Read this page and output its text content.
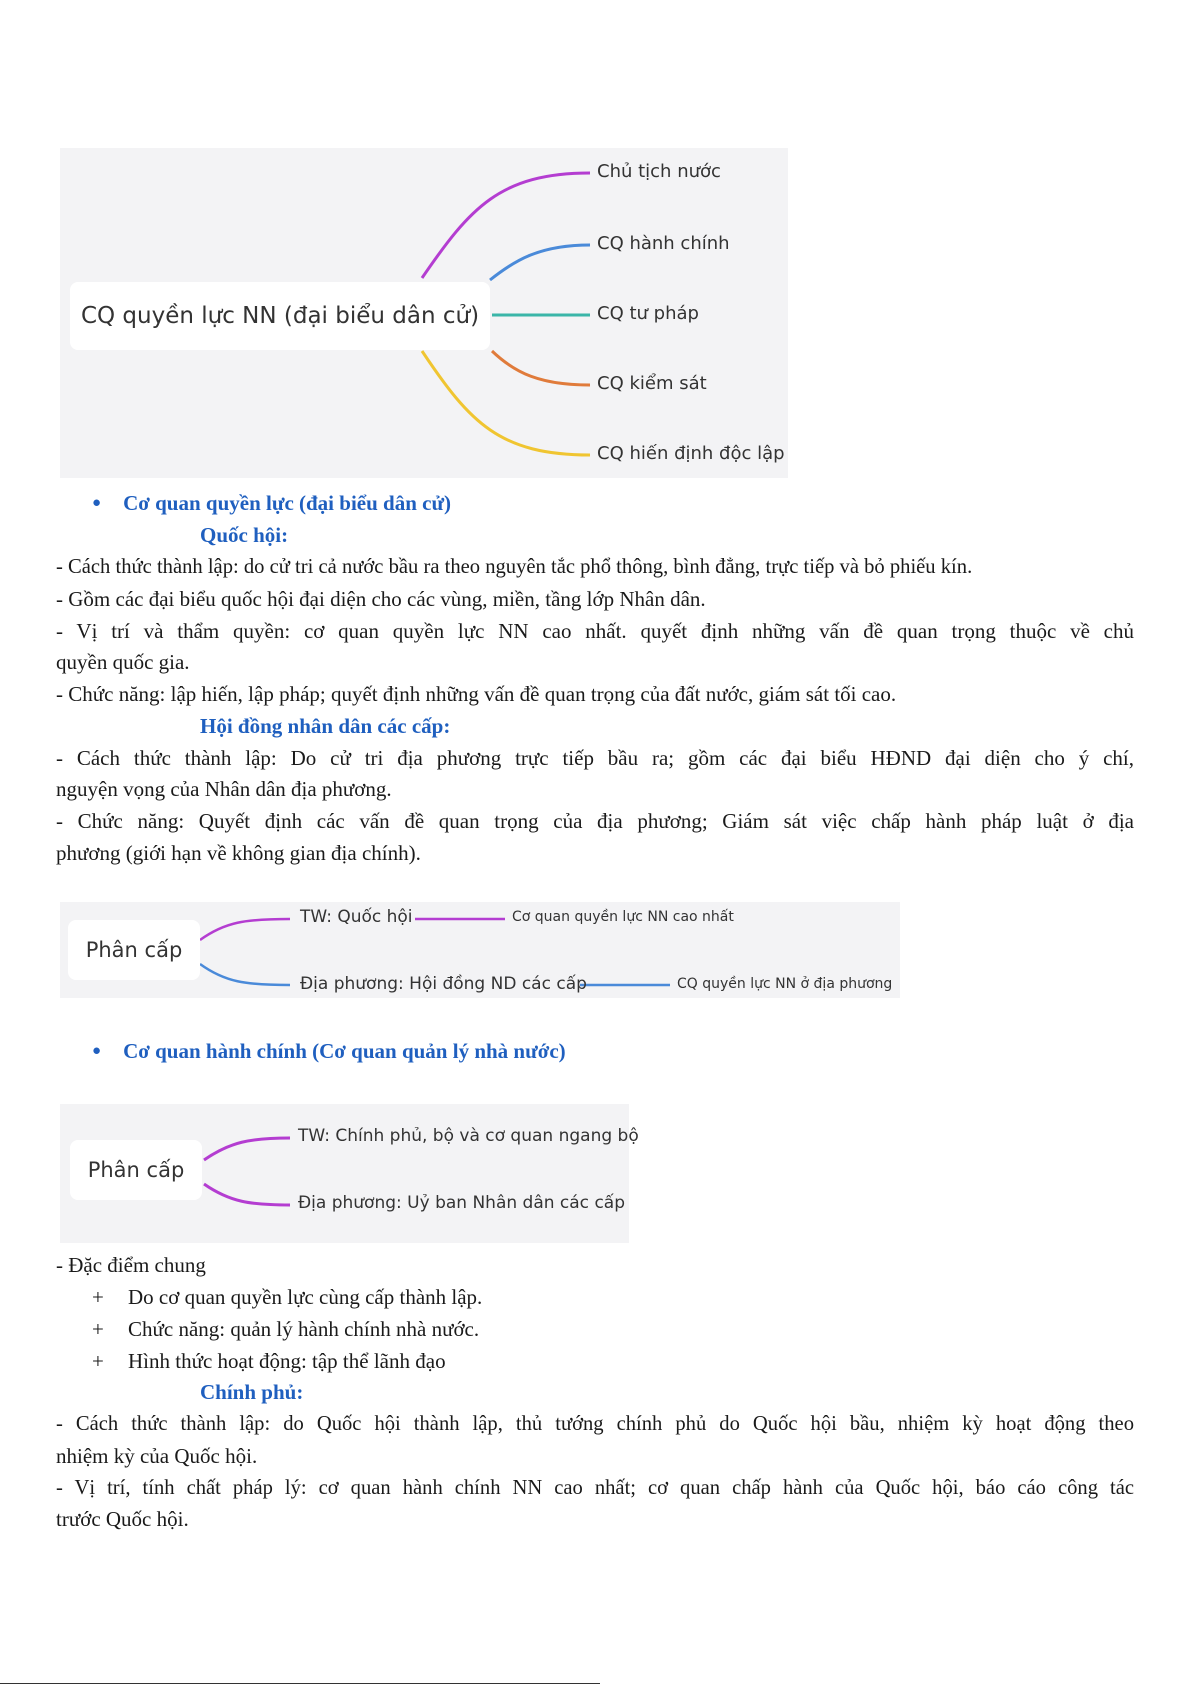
CQ quyền lực NN (đại biểu dân cử)
Chủ tịch nước
CQ hành chính
CQ tư pháp
CQ kiểm sát
CQ hiến định độc lập
● Cơ quan quyền lực (đại biểu dân cử)
Quốc hội:
- Cách thức thành lập: do cử tri cả nước bầu ra theo nguyên tắc phổ thông, bình đẳng, trực tiếp và bỏ phiếu kín.
- Gồm các đại biểu quốc hội đại diện cho các vùng, miền, tầng lớp Nhân dân.
- Vị trí và thẩm quyền: cơ quan quyền lực NN cao nhất. quyết định những vấn đề quan trọng thuộc về chủ
quyền quốc gia.
- Chức năng: lập hiến, lập pháp; quyết định những vấn đề quan trọng của đất nước, giám sát tối cao.
Hội đồng nhân dân các cấp:
- Cách thức thành lập: Do cử tri địa phương trực tiếp bầu ra; gồm các đại biểu HĐND đại diện cho ý chí,
nguyện vọng của Nhân dân địa phương.
- Chức năng: Quyết định các vấn đề quan trọng của địa phương; Giám sát việc chấp hành pháp luật ở địa
phương (giới hạn về không gian địa chính).
Phân cấp
TW: Quốc hội	Cơ quan quyền lực NN cao nhất
Địa phương: Hội đồng ND các cấp	CQ quyền lực NN ở địa phương
● Cơ quan hành chính (Cơ quan quản lý nhà nước)
Phân cấp
TW: Chính phủ, bộ và cơ quan ngang bộ
Địa phương: Uỷ ban Nhân dân các cấp
- Đặc điểm chung
+ Do cơ quan quyền lực cùng cấp thành lập.
+ Chức năng: quản lý hành chính nhà nước.
+ Hình thức hoạt động: tập thể lãnh đạo
Chính phủ:
- Cách thức thành lập: do Quốc hội thành lập, thủ tướng chính phủ do Quốc hội bầu, nhiệm kỳ hoạt động theo
nhiệm kỳ của Quốc hội.
- Vị trí, tính chất pháp lý: cơ quan hành chính NN cao nhất; cơ quan chấp hành của Quốc hội, báo cáo công tác
trước Quốc hội.
